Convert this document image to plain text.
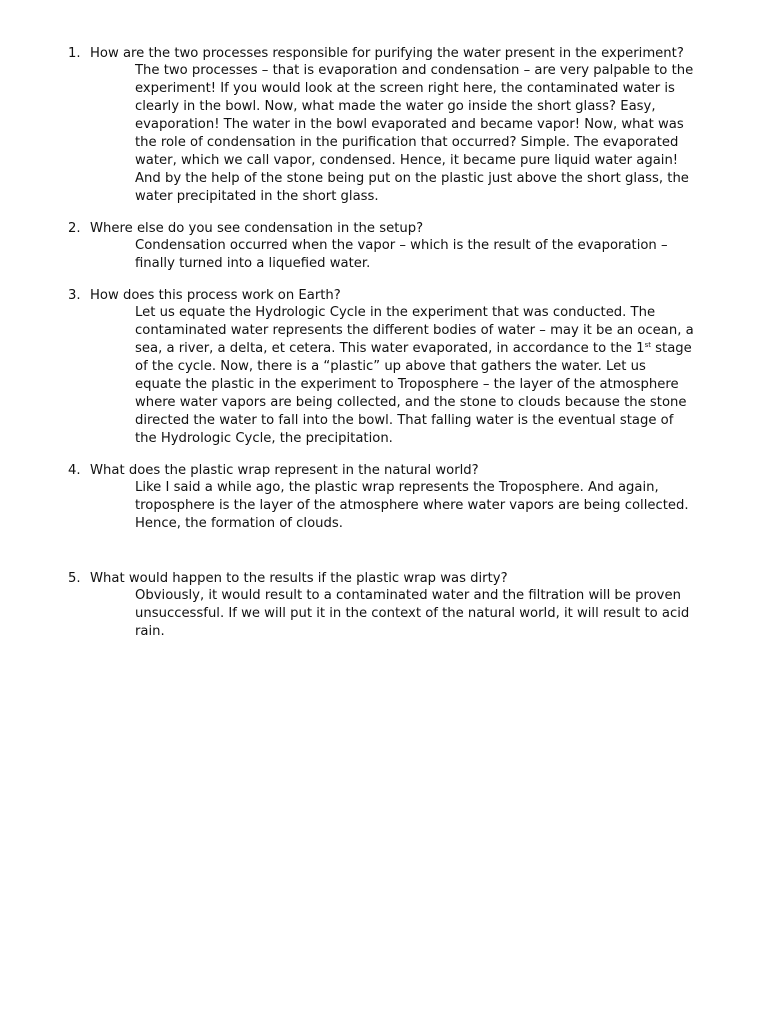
1. How are the two processes responsible for purifying the water present in the experiment?
The two processes – that is evaporation and condensation – are very palpable to the
experiment! If you would look at the screen right here, the contaminated water is
clearly in the bowl. Now, what made the water go inside the short glass? Easy,
evaporation! The water in the bowl evaporated and became vapor! Now, what was
the role of condensation in the purification that occurred? Simple. The evaporated
water, which we call vapor, condensed. Hence, it became pure liquid water again!
And by the help of the stone being put on the plastic just above the short glass, the
water precipitated in the short glass.
2. Where else do you see condensation in the setup?
Condensation occurred when the vapor – which is the result of the evaporation –
finally turned into a liquefied water.
3. How does this process work on Earth?
Let us equate the Hydrologic Cycle in the experiment that was conducted. The
contaminated water represents the different bodies of water – may it be an ocean, a
sea, a river, a delta, et cetera. This water evaporated, in accordance to the 1st stage
of the cycle. Now, there is a “plastic” up above that gathers the water. Let us
equate the plastic in the experiment to Troposphere – the layer of the atmosphere
where water vapors are being collected, and the stone to clouds because the stone
directed the water to fall into the bowl. That falling water is the eventual stage of
the Hydrologic Cycle, the precipitation.
4. What does the plastic wrap represent in the natural world?
Like I said a while ago, the plastic wrap represents the Troposphere. And again,
troposphere is the layer of the atmosphere where water vapors are being collected.
Hence, the formation of clouds.
5. What would happen to the results if the plastic wrap was dirty?
Obviously, it would result to a contaminated water and the filtration will be proven
unsuccessful. If we will put it in the context of the natural world, it will result to acid
rain.
